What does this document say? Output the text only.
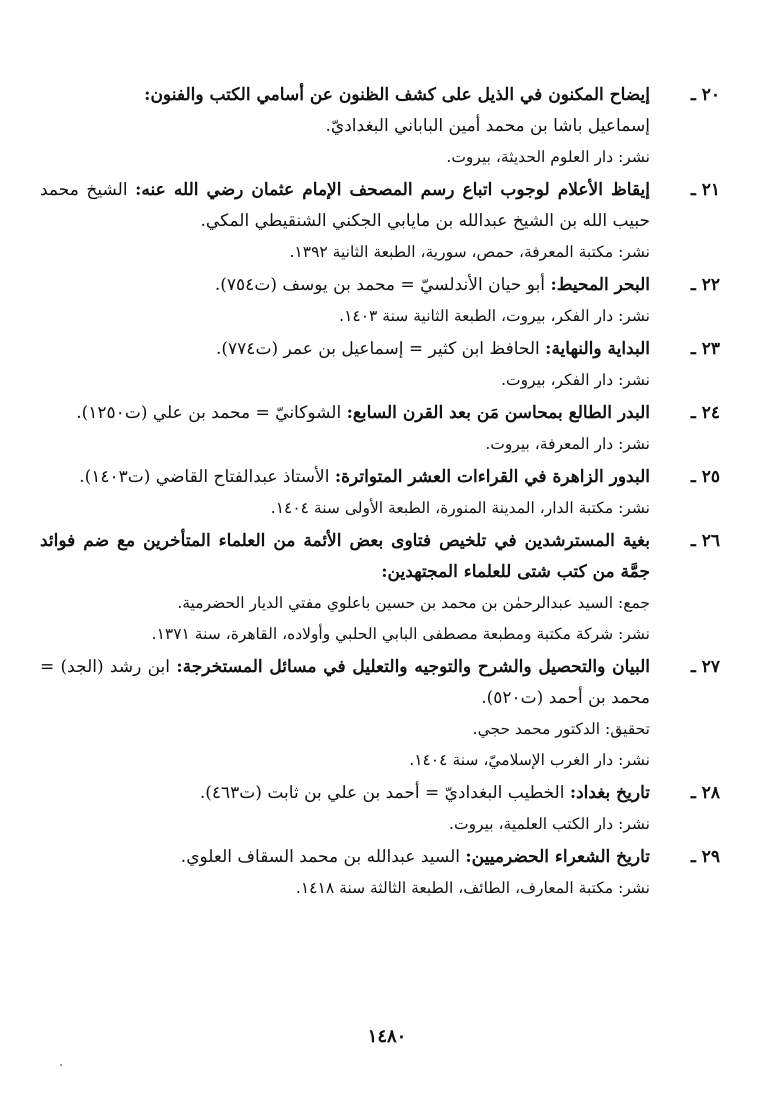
٢٠ ـ
إيضاح المكنون في الذيل على كشف الظنون عن أسامي الكتب والفنون:
إسماعيل باشا بن محمد أمين الباباني البغداديّ.
نشر: دار العلوم الحديثة، بيروت.
٢١ ـ
إيقاظ الأعلام لوجوب اتباع رسم المصحف الإمام عثمان رضي الله عنه: الشيخ محمد حبيب الله بن الشيخ عبدالله بن مايابي الجكني الشنقيطي المكي.
نشر: مكتبة المعرفة، حمص، سورية، الطبعة الثانية ١٣٩٢.
٢٢ ـ
البحر المحيط: أبو حيان الأندلسيّ = محمد بن يوسف (ت٧٥٤).
نشر: دار الفكر، بيروت، الطبعة الثانية سنة ١٤٠٣.
٢٣ ـ
البداية والنهاية: الحافظ ابن كثير = إسماعيل بن عمر (ت٧٧٤).
نشر: دار الفكر، بيروت.
٢٤ ـ
البدر الطالع بمحاسن مَن بعد القرن السابع: الشوكانيّ = محمد بن علي (ت١٢٥٠).
نشر: دار المعرفة، بيروت.
٢٥ ـ
البدور الزاهرة في القراءات العشر المتواترة: الأستاذ عبدالفتاح القاضي (ت١٤٠٣).
نشر: مكتبة الدار، المدينة المنورة، الطبعة الأولى سنة ١٤٠٤.
٢٦ ـ
بغية المسترشدين في تلخيص فتاوى بعض الأئمة من العلماء المتأخرين مع ضم فوائد جمَّة من كتب شتى للعلماء المجتهدين:
جمع: السيد عبدالرحمٰن بن محمد بن حسين باعلوي مفتي الديار الحضرمية.
نشر: شركة مكتبة ومطبعة مصطفى البابي الحلبي وأولاده، القاهرة، سنة ١٣٧١.
٢٧ ـ
البيان والتحصيل والشرح والتوجيه والتعليل في مسائل المستخرجة: ابن رشد (الجد) = محمد بن أحمد (ت٥٢٠).
تحقيق: الدكتور محمد حجي.
نشر: دار الغرب الإسلاميّ، سنة ١٤٠٤.
٢٨ ـ
تاريخ بغداد: الخطيب البغداديّ = أحمد بن علي بن ثابت (ت٤٦٣).
نشر: دار الكتب العلمية، بيروت.
٢٩ ـ
تاريخ الشعراء الحضرميين: السيد عبدالله بن محمد السقاف العلوي.
نشر: مكتبة المعارف، الطائف، الطبعة الثالثة سنة ١٤١٨.
١٤٨٠
